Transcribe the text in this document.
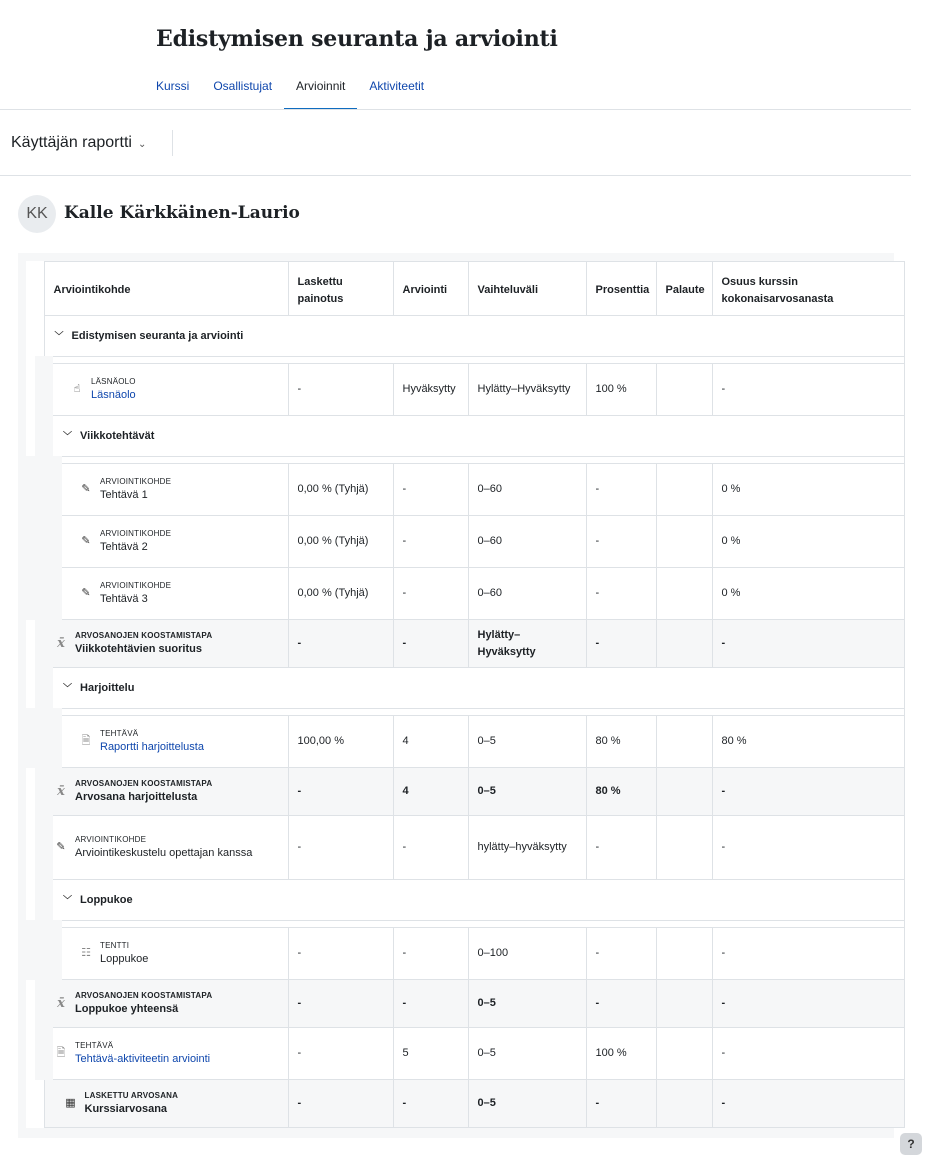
Edistymisen seuranta ja arviointi
Kurssi Osallistujat Arvioinnit Aktiviteetit
Käyttäjän raportti ⌄
KK Kalle Kärkkäinen-Laurio
Arviointikohde	Laskettu painotus	Arviointi	Vaihteluväli	Prosenttia	Palaute	Osuus kurssin kokonaisarvosanasta
﹀ Edistymisen seuranta ja arviointi						

☝
LÄSNÄOLO
Läsnäolo	-	Hyväksytty	Hylätty–Hyväksytty	100 %		-
﹀ Viikkotehtävät						

✎
ARVIOINTIKOHDE
Tehtävä 1	0,00 % (Tyhjä)	-	0–60	-		0 %

✎
ARVIOINTIKOHDE
Tehtävä 2	0,00 % (Tyhjä)	-	0–60	-		0 %

✎
ARVIOINTIKOHDE
Tehtävä 3	0,00 % (Tyhjä)	-	0–60	-		0 %

x̄
ARVOSANOJEN KOOSTAMISTAPA
Viikkotehtävien suoritus	-	-	Hylätty–Hyväksytty	-		-
﹀ Harjoittelu						

🗎
TEHTÄVÄ
Raportti harjoittelusta	100,00 %	4	0–5	80 %		80 %

x̄
ARVOSANOJEN KOOSTAMISTAPA
Arvosana harjoittelusta	-	4	0–5	80 %		-

✎
ARVIOINTIKOHDE
Arviointikeskustelu opettajan kanssa	-	-	hylätty–hyväksytty	-		-
﹀ Loppukoe						

☷
TENTTI
Loppukoe	-	-	0–100	-		-

x̄
ARVOSANOJEN KOOSTAMISTAPA
Loppukoe yhteensä	-	-	0–5	-		-

🗎
TEHTÄVÄ
Tehtävä-aktiviteetin arviointi	-	5	0–5	100 %		-

▦
LASKETTU ARVOSANA
Kurssiarvosana	-	-	0–5	-		-
?
